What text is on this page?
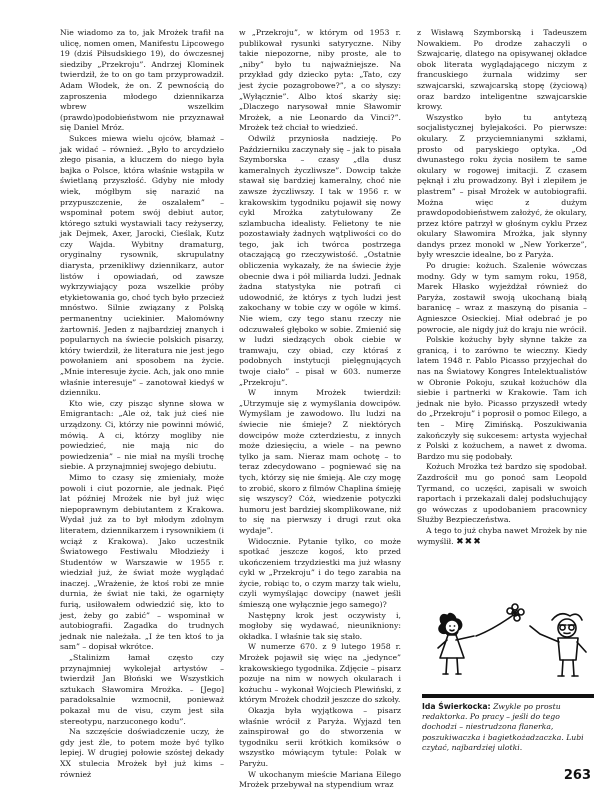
Nie wiadomo za to, jak Mrożek trafił na ulicę, nomen omen, Manifestu Lipcowego 19 (dziś Piłsudskiego 19), do ówczesnej siedziby „Przekroju”. Andrzej Klominek twierdził, że to on go tam przyprowadził. Adam Włodek, że on. Z pewnością do zaproszenia młodego dziennikarza wbrew wszelkim (prawdo)podobieństwom nie przyznawał się Daniel Mróz.

Sukces miewa wielu ojców, błamaż – jak widać – również. „Było to arcydzieło złego pisania, a kluczem do niego była bajka o Polsce, która właśnie wstąpiła w świetlaną przyszłość. Gdyby nie młody wiek, mógłbym się narazić na przypuszczenie, że oszalałem” – wspominał potem swój debiut autor, którego sztuki wystawiali tacy reżyserzy, jak Dejmek, Axer, Jarocki, Cieślak, Kutz czy Wajda. Wybitny dramaturg, oryginalny rysownik, skrupulatny diarysta, przenikliwy dziennikarz, autor listów i opowiadań, od zawsze wykrzywiający poza wszelkie próby etykietowania go, choć tych było przecież mnóstwo. Silnie związany z Polską permanentny uciekinier. Małomówny żartowniś. Jeden z najbardziej znanych i popularnych na świecie polskich pisarzy, który twierdził, że literatura nie jest jego powołaniem ani sposobem na życie. „Mnie interesuje życie. Ach, jak ono mnie właśnie interesuje” – zanotował kiedyś w dzienniku.

Kto wie, czy pisząc słynne słowa w Emigrantach: „Ale oż, tak już cieś nie urządzony. Ci, którzy nie powinni mówić, mówią. A ci, którzy mogliby nie powiedzieć, nie mają nic do powiedzenia” – nie miał na myśli trochę siebie. A przynajmniej swojego debiutu.

Mimo to czasy się zmieniały, może powoli i ciut pozornie, ale jednak. Pięć lat później Mrożek nie był już więc niepoprawnym debiutantem z Krakowa. Wydał już za to był młodym zdolnym literatem, dziennikarzem i rysownikiem (i wciąż z Krakowa). Jako uczestnik Światowego Festiwalu Młodzieży i Studentów w Warszawie w 1955 r. wiedział już, że świat może wyglądać inaczej. „Wrażenie, że ktoś robi ze mnie durnia, że świat nie taki, że ogarnięty furią, usiłowałem odwiedzić się, kto to jest, żeby go zabić” – wspominał w autobiografii. Zagadka do trudnych jednak nie należała. „I że ten ktoś to ja sam” – dopisał wkrótce.

„Stalinizm łamał często czy przynajmniej wykolejał artystów – twierdził Jan Błoński we Wszystkich sztukach Sławomira Mrożka. – [Jego] paradoksalnie wzmocnił, ponieważ pokazał mu de visu, czym jest siła stereotypu, narzuconego kodu”.

Na szczęście doświadczenie uczy, że gdy jest źle, to potem może być tylko lepiej. W drugiej połowie szóstej dekady XX stulecia Mrożek był już kims – również

w „Przekroju”, w którym od 1953 r. publikował rysunki satyryczne. Niby takie niepozorne, niby proste, ale to „niby” było tu najważniejsze. Na przykład gdy dziecko pyta: „Tato, czy jest życie pozagrobowe?”, a co słyszy: „Wyłącznie”. Albo ktoś skarży się: „Dlaczego narysował mnie Sławomir Mrożek, a nie Leonardo da Vinci?”. Mrożek też chciał to wiedzieć.

Odwilż przyniosła nadzieję. Po Październiku zaczynały się – jak to pisała Szymborska – czasy „dla dusz kameralnych życzliwsze”. Dowcip także stawał się bardziej kameralny, choć nie zawsze życzliwszy. I tak w 1956 r. w krakowskim tygodniku pojawił się nowy cykl Mrożka zatytułowany Ze szlambucha idealisty. Felietony te nie pozostawiały żadnych wątpliwości co do tego, jak ich twórca postrzega otaczającą go rzeczywistość. „Ostatnie obliczenia wykazały, że na świecie żyje obecnie dwa i pół miliarda ludzi. Jednak żadna statystyka nie potrafi ci udowodnić, że którys z tych ludzi jest zakochany w tobie czy w ogóle w kimś. Nie wiem, czy tego stanu rzeczy nie odczuwałeś głęboko w sobie. Zmienić się w ludzi siedzących obok ciebie w tramwaju, czy obiad, czy któraś z podobnych instytucji pielęgnujących twoje ciało” – pisał w 603. numerze „Przekroju”.

W innym Mrożek twierdził: „Utrzymuje się z wymyślania dowcipów. Wymyślam je zawodowo. Ilu ludzi na świecie nie śmieje? Z niektórych dowcipów może czterdziestu, z innych może dziesięciu, a wiele – na pewno tylko ja sam. Nieraz mam ochotę – to teraz zdecydowano – pogniewać się na tych, którzy się nie śmieją. Ale czy mogę to zrobić, skoro z filmów Chaplina śmieję się wszyscy? Cóż, wiedzenie potyczki humoru jest bardziej skomplikowane, niż to się na pierwszy i drugi rzut oka wydaje”.

Widocznie. Pytanie tylko, co może spotkać jeszcze kogoś, kto przed ukończeniem trzydziestki ma już własny cykl w „Przekroju” i do tego zarabia na życie, robiąc to, o czym marzy tak wielu, czyli wymyślając dowcipy (nawet jeśli śmieszą one wyłącznie jego samego)?

Następny krok jest oczywisty i, mogłoby się wydawać, nieunikniony: okładka. I właśnie tak się stało.

W numerze 670. z 9 lutego 1958 r. Mrożek pojawił się więc na „jedynce” krakowskiego tygodnika. Zdjęcie – pisarz pozuje na nim w nowych okularach i kożuchu – wykonał Wojciech Plewiński, z którym Mrożek chodził jeszcze do szkoły.

Okazja była wyjątkowa – pisarz właśnie wrócił z Paryża. Wyjazd ten zainspirował go do stworzenia w tygodniku serii krótkich komiksów o wszystko mówiącym tytule: Polak w Paryżu.

W ukochanym mieście Mariana Eilego Mrożek przebywał na stypendium wraz

z Wisławą Szymborską i Tadeuszem Nowakiem. Po drodze zahaczyli o Szwajcarię, dlatego na opisywanej okładce obok literata wyglądającego niczym z francuskiego żurnala widzimy ser szwajcarski, szwajcarską stopę (życiową) oraz bardzo inteligentne szwajcarskie krowy.

Wszystko było tu antytezą socjalistycznej bylejakości. Po pierwsze: okulary. Z przyciemnianymi szkłami, prosto od paryskiego optyka. „Od dwunastego roku życia nosiłem te same okulary w rogowej imitacji. Z czasem pęknął i złu prowadzony. Był i zlepiłem je plastrem” – pisał Mrożek w autobiografii. Można więc z dużym prawdopodobieństwem założyć, że okulary, przez które patrzył w głośnym cyklu Przez okulary Sławomira Mrożka, jak słynny dandys przez monokl w „New Yorkerze”, były wreszcie idealne, bo z Paryża.

Po drugie: kożuch. Szalenie wówczas modny. Gdy w tym samym roku, 1958, Marek Hłasko wyjeżdżał również do Paryża, zostawił swoją ukochaną białą baranicę – wraz z maszyną do pisania – Agnieszce Osieckiej. Miał odebrać je po powrocie, ale nigdy już do kraju nie wrócił.

Polskie kożuchy były słynne także za granicą, i to zarówno te wieczny. Kiedy latem 1948 r. Pablo Picasso przyjechał do nas na Światowy Kongres Intelektualistów w Obronie Pokoju, szukał kożuchów dla siebie i partnerki w Krakowie. Tam ich jednak nie było. Picasso przyszedł wtedy do „Przekroju” i poprosił o pomoc Eilego, a ten – Mirę Zimińską. Poszukiwania zakończyły się sukcesem: artysta wyjechał z Polski z kożuchem, a nawet z dwoma. Bardzo mu się podobały.

Kożuch Mrożka też bardzo się spodobał. Zazdrościł mu go ponoć sam Leopold Tyrmand, co uczęści, zapisali w swoich raportach i przekazali dalej podsłuchujący go wówczas z upodobaniem pracownicy Służby Bezpieczeństwa.

A tego to już chyba nawet Mrożek by nie wymyślił. ✖✖✖

Ida Świerkocka: Zwykle po prostu redaktorka. Po pracy – jeśli do tego dochodzi – niestrudzona flanerka, poszukiwaczka i bagietkożadzaczka. Lubi czytać, najbardziej ulotki.
263
